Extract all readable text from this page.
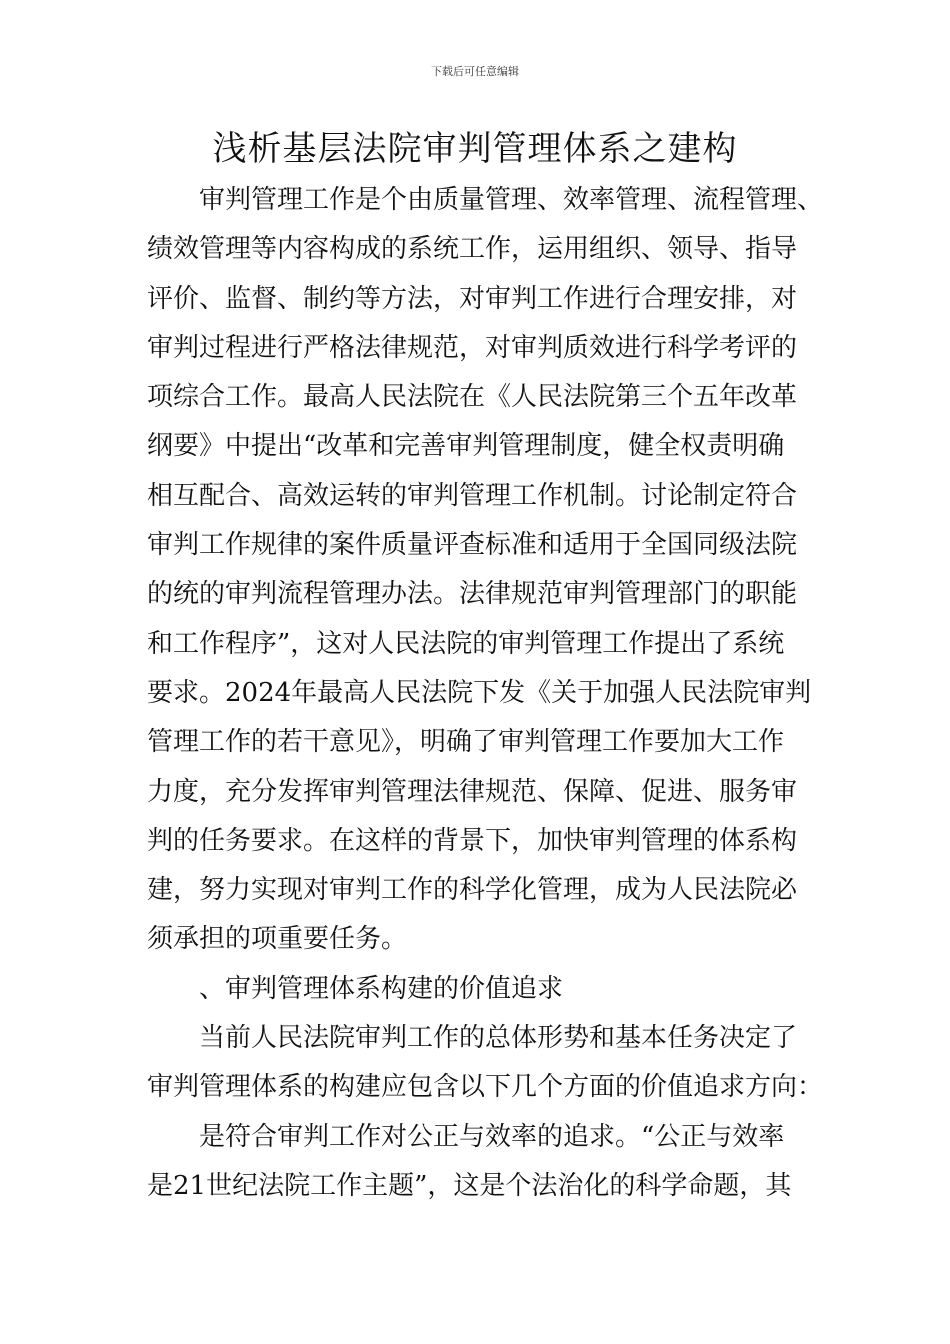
下载后可任意编辑
浅析基层法院审判管理体系之建构
审判管理工作是个由质量管理、效率管理、流程管理、
绩效管理等内容构成的系统工作，运用组织、领导、指导
评价、监督、制约等方法，对审判工作进行合理安排，对
审判过程进行严格法律规范，对审判质效进行科学考评的
项综合工作。最高人民法院在《人民法院第三个五年改革
纲要》中提出“改革和完善审判管理制度，健全权责明确
相互配合、高效运转的审判管理工作机制。讨论制定符合
审判工作规律的案件质量评查标准和适用于全国同级法院
的统的审判流程管理办法。法律规范审判管理部门的职能
和工作程序”，这对人民法院的审判管理工作提出了系统
要求。2024年最高人民法院下发《关于加强人民法院审判
管理工作的若干意见》，明确了审判管理工作要加大工作
力度，充分发挥审判管理法律规范、保障、促进、服务审
判的任务要求。在这样的背景下，加快审判管理的体系构
建，努力实现对审判工作的科学化管理，成为人民法院必
须承担的项重要任务。
、审判管理体系构建的价值追求
当前人民法院审判工作的总体形势和基本任务决定了
审判管理体系的构建应包含以下几个方面的价值追求方向：
是符合审判工作对公正与效率的追求。“公正与效率
是21世纪法院工作主题”，这是个法治化的科学命题，其
